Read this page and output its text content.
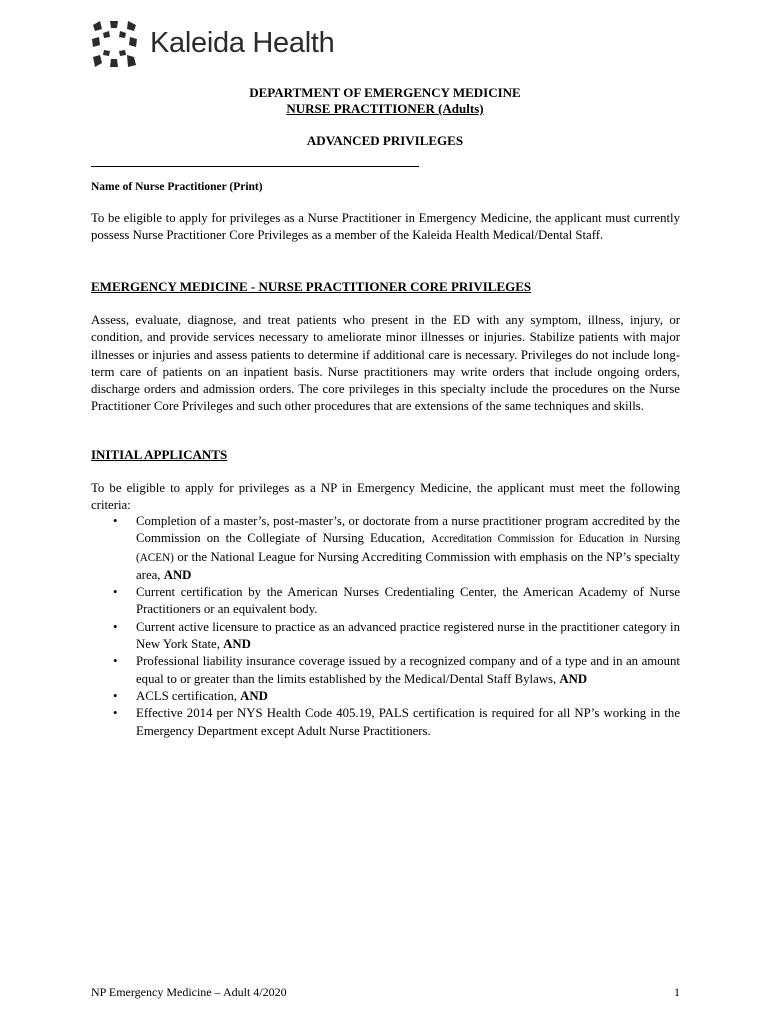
Kaleida Health
DEPARTMENT OF EMERGENCY MEDICINE
NURSE PRACTITIONER (Adults)
ADVANCED PRIVILEGES
Name of Nurse Practitioner (Print)
To be eligible to apply for privileges as a Nurse Practitioner in Emergency Medicine, the applicant must currently possess Nurse Practitioner Core Privileges as a member of the Kaleida Health Medical/Dental Staff.
EMERGENCY MEDICINE - NURSE PRACTITIONER CORE PRIVILEGES
Assess, evaluate, diagnose, and treat patients who present in the ED with any symptom, illness, injury, or condition, and provide services necessary to ameliorate minor illnesses or injuries. Stabilize patients with major illnesses or injuries and assess patients to determine if additional care is necessary. Privileges do not include long-term care of patients on an inpatient basis. Nurse practitioners may write orders that include ongoing orders, discharge orders and admission orders. The core privileges in this specialty include the procedures on the Nurse Practitioner Core Privileges and such other procedures that are extensions of the same techniques and skills.
INITIAL APPLICANTS
To be eligible to apply for privileges as a NP in Emergency Medicine, the applicant must meet the following criteria:
• Completion of a master’s, post-master’s, or doctorate from a nurse practitioner program accredited by the Commission on the Collegiate of Nursing Education, Accreditation Commission for Education in Nursing (ACEN) or the National League for Nursing Accrediting Commission with emphasis on the NP’s specialty area, AND
• Current certification by the American Nurses Credentialing Center, the American Academy of Nurse Practitioners or an equivalent body.
• Current active licensure to practice as an advanced practice registered nurse in the practitioner category in New York State, AND
• Professional liability insurance coverage issued by a recognized company and of a type and in an amount equal to or greater than the limits established by the Medical/Dental Staff Bylaws, AND
• ACLS certification, AND
• Effective 2014 per NYS Health Code 405.19, PALS certification is required for all NP’s working in the Emergency Department except Adult Nurse Practitioners.
NP Emergency Medicine – Adult 4/2020	1
